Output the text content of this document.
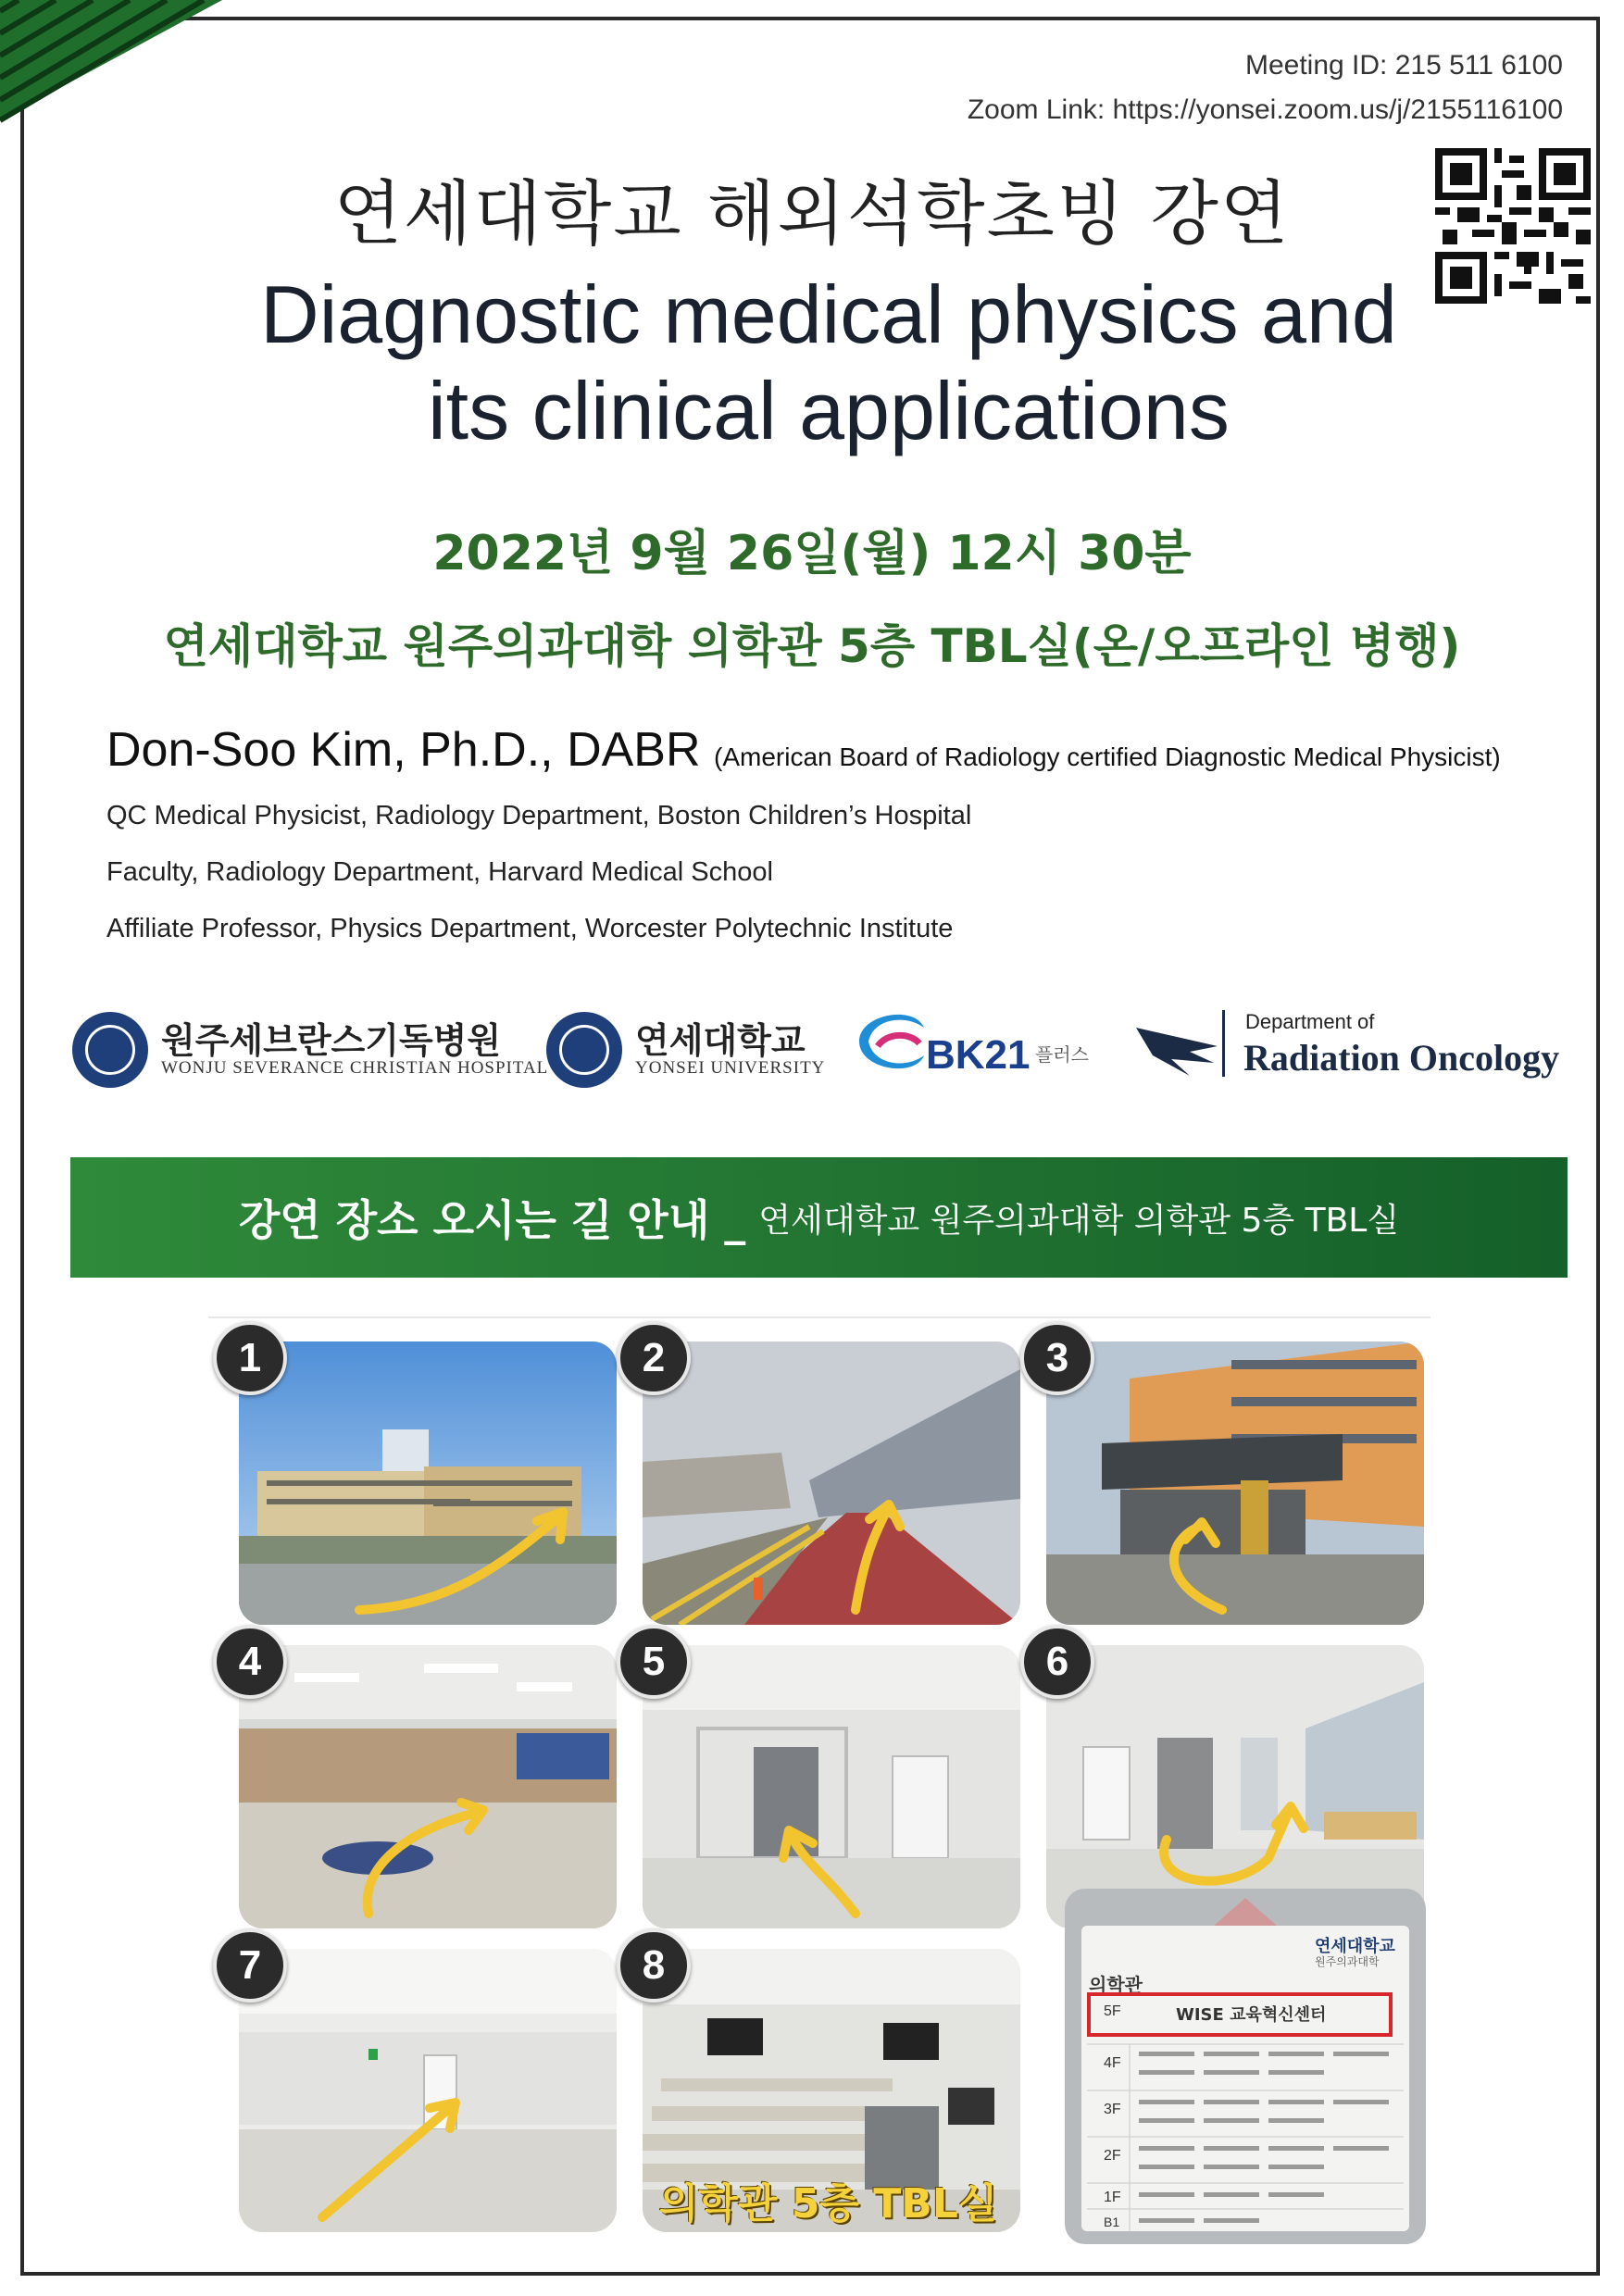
Meeting ID: 215 511 6100
Zoom Link: https://yonsei.zoom.us/j/2155116100
연세대학교 해외석학초빙 강연
Diagnostic medical physics and
its clinical applications
2022년 9월 26일(월) 12시 30분
연세대학교 원주의과대학 의학관 5층 TBL실(온/오프라인 병행)
Don-Soo Kim, Ph.D., DABR (American Board of Radiology certified Diagnostic Medical Physicist)
QC Medical Physicist, Radiology Department, Boston Children’s Hospital
Faculty, Radiology Department, Harvard Medical School
Affiliate Professor, Physics Department, Worcester Polytechnic Institute
원주세브란스기독병원
WONJU SEVERANCE CHRISTIAN HOSPITAL
연세대학교
YONSEI UNIVERSITY BK21 플러스
Department of
Radiation Oncology
강연 장소 오시는 길 안내 _ 연세대학교 원주의과대학 의학관 5층 TBL실
1	2	3
4	5	6
7	8
의학관 5층 TBL실
연세대학교
원주의과대학
의학관
5F	WISE 교육혁신센터
4F
3F
2F
1F
B1
